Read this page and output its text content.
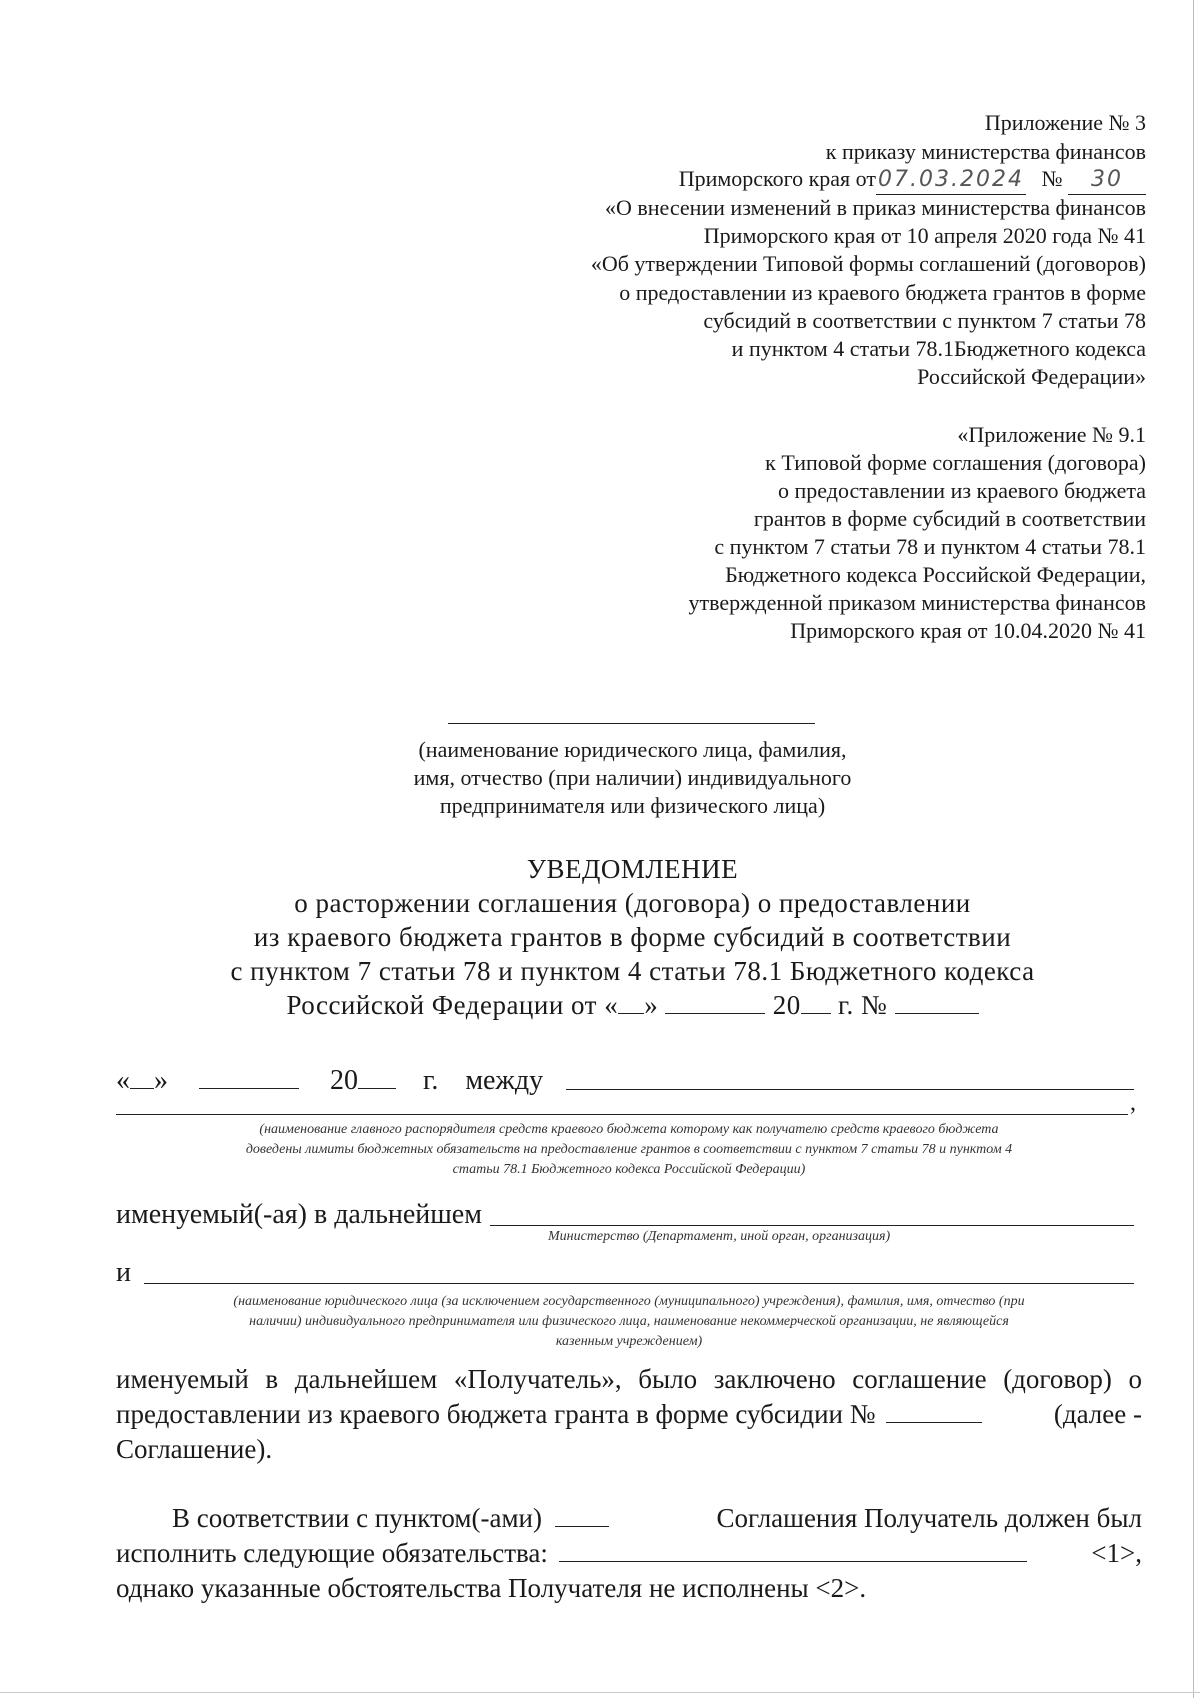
Приложение № 3
к приказу министерства финансов
Приморского края от07.03.2024 № 30
«О внесении изменений в приказ министерства финансов
Приморского края от 10 апреля 2020 года № 41
«Об утверждении Типовой формы соглашений (договоров)
о предоставлении из краевого бюджета грантов в форме
субсидий в соответствии с пунктом 7 статьи 78
и пунктом 4 статьи 78.1Бюджетного кодекса
Российской Федерации»
«Приложение № 9.1
к Типовой форме соглашения (договора)
о предоставлении из краевого бюджета
грантов в форме субсидий в соответствии
с пунктом 7 статьи 78 и пунктом 4 статьи 78.1
Бюджетного кодекса Российской Федерации,
утвержденной приказом министерства финансов
Приморского края от 10.04.2020 № 41
(наименование юридического лица, фамилия,
имя, отчество (при наличии) индивидуального
предпринимателя или физического лица)
УВЕДОМЛЕНИЕ
о расторжении соглашения (договора) о предоставлении
из краевого бюджета грантов в форме субсидий в соответствии
с пунктом 7 статьи 78 и пунктом 4 статьи 78.1 Бюджетного кодекса
Российской Федерации от « »	20 г. №
« »	20 г. между
,
(наименование главного распорядителя средств краевого бюджета которому как получателю средств краевого бюджета
доведены лимиты бюджетных обязательств на предоставление грантов в соответствии с пунктом 7 статьи 78 и пунктом 4
статьи 78.1 Бюджетного кодекса Российской Федерации)
именуемый(-ая) в дальнейшем
Министерство (Департамент, иной орган, организация)
и
(наименование юридического лица (за исключением государственного (муниципального) учреждения), фамилия, имя, отчество (при
наличии) индивидуального предпринимателя или физического лица, наименование некоммерческой организации, не являющейся
казенным учреждением)
именуемый в дальнейшем «Получатель», было заключено соглашение (договор) о
предоставлении из краевого бюджета гранта в форме субсидии №	(далее -
Соглашение).
В соответствии с пунктом(-ами)	Соглашения Получатель должен был
исполнить следующие обязательства:	<1>,
однако указанные обстоятельства Получателя не исполнены <2>.
